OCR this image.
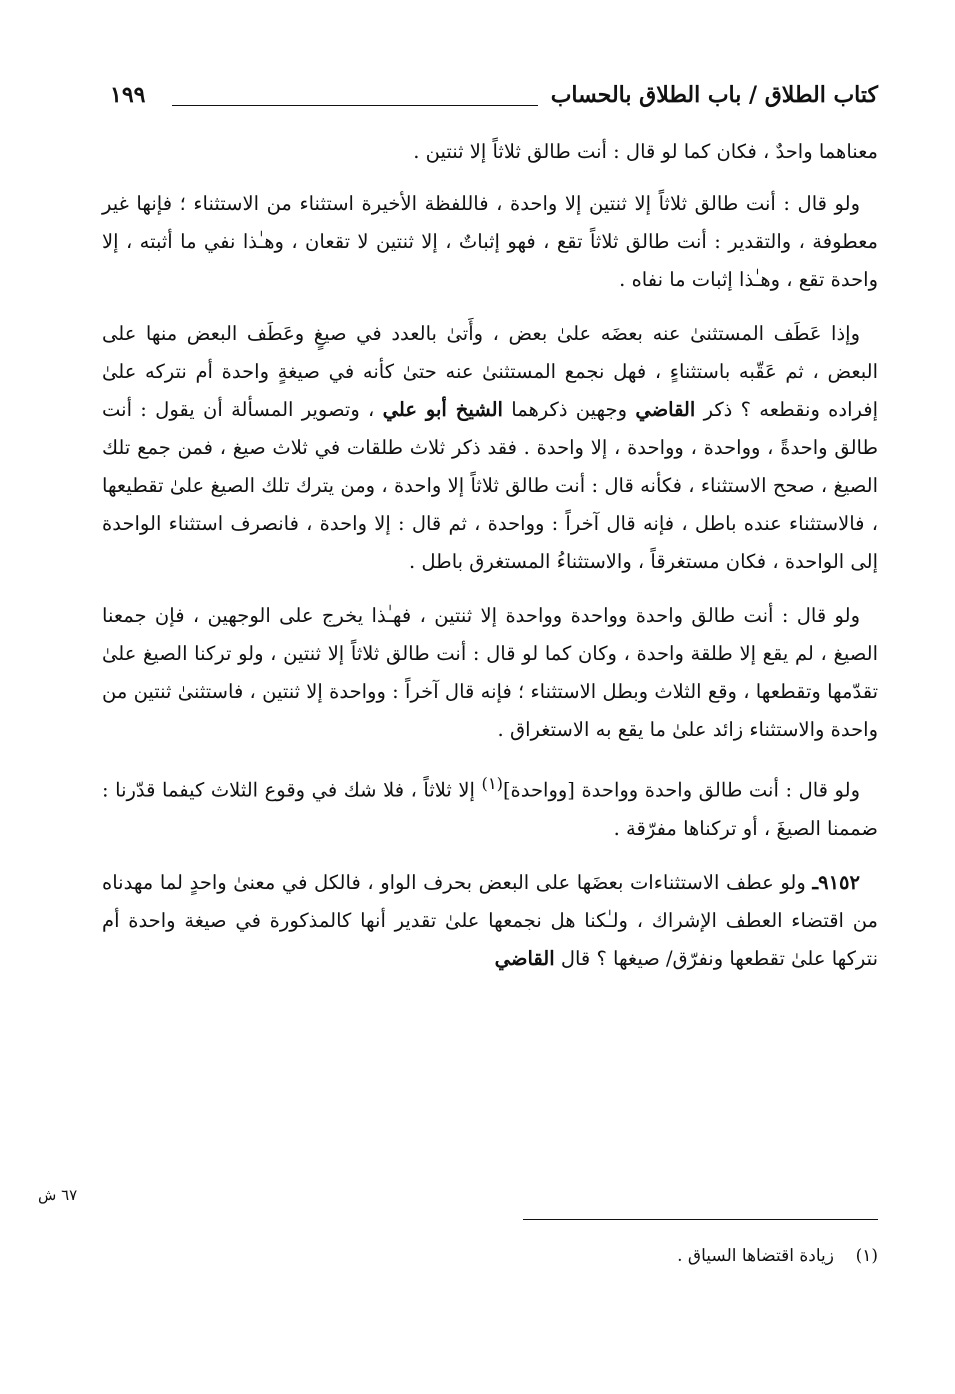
كتاب الطلاق / باب الطلاق بالحساب
١٩٩

معناهما واحدٌ ، فكان كما لو قال : أنت طالق ثلاثاً إلا ثنتين .

ولو قال : أنت طالق ثلاثاً إلا ثنتين إلا واحدة ، فاللفظة الأخيرة استثناء من الاستثناء ؛ فإنها غير معطوفة ، والتقدير : أنت طالق ثلاثاً تقع ، فهو إثباتٌ ، إلا ثنتين لا تقعان ، وهـٰذا نفي ما أثبته ، إلا واحدة تقع ، وهـٰذا إثبات ما نفاه .

وإذا عَطَف المستثنىٰ عنه بعضَه علىٰ بعض ، وأَتىٰ بالعدد في صيغٍ وعَطَف البعض منها على البعض ، ثم عَقّبه باستثناءٍ ، فهل نجمع المستثنىٰ عنه حتىٰ كأنه في صيغةٍ واحدة أم نتركه علىٰ إفراده ونقطعه ؟ ذكر القاضي وجهين ذكرهما الشيخ أبو علي ، وتصوير المسألة أن يقول : أنت طالق واحدةً ، وواحدة ، وواحدة ، إلا واحدة . فقد ذكر ثلاث طلقات في ثلاث صيغ ، فمن جمع تلك الصيغ ، صحح الاستثناء ، فكأنه قال : أنت طالق ثلاثاً إلا واحدة ، ومن يترك تلك الصيغ علىٰ تقطيعها ، فالاستثناء عنده باطل ، فإنه قال آخراً : وواحدة ، ثم قال : إلا واحدة ، فانصرف استثناء الواحدة إلى الواحدة ، فكان مستغرقاً ، والاستثناءُ المستغرق باطل .

ولو قال : أنت طالق واحدة وواحدة وواحدة إلا ثنتين ، فهـٰذا يخرج على الوجهين ، فإن جمعنا الصيغ ، لم يقع إلا طلقة واحدة ، وكان كما لو قال : أنت طالق ثلاثاً إلا ثنتين ، ولو تركنا الصيغ علىٰ تقدّمها وتقطعها ، وقع الثلاث وبطل الاستثناء ؛ فإنه قال آخراً : وواحدة إلا ثنتين ، فاستثنىٰ ثنتين من واحدة والاستثناء زائد علىٰ ما يقع به الاستغراق .

ولو قال : أنت طالق واحدة وواحدة [وواحدة]$^{(١)}$ إلا ثلاثاً ، فلا شك في وقوع الثلاث كيفما قدّرنا : ضممنا الصيغَ ، أو تركناها مفرّقة .

٩١٥٢ـ ولو عطف الاستثناءات بعضَها على البعض بحرف الواو ، فالكل في معنىٰ واحدٍ لما مهدناه من اقتضاء العطف الإشراك ، ولـٰكنا هل نجمعها علىٰ تقدير أنها كالمذكورة في صيغة واحدة أم نتركها علىٰ تقطعها ونفرّق/ صيغها ؟ قال القاضي

٦٧ ش
(١)    زيادة اقتضاها السياق .
